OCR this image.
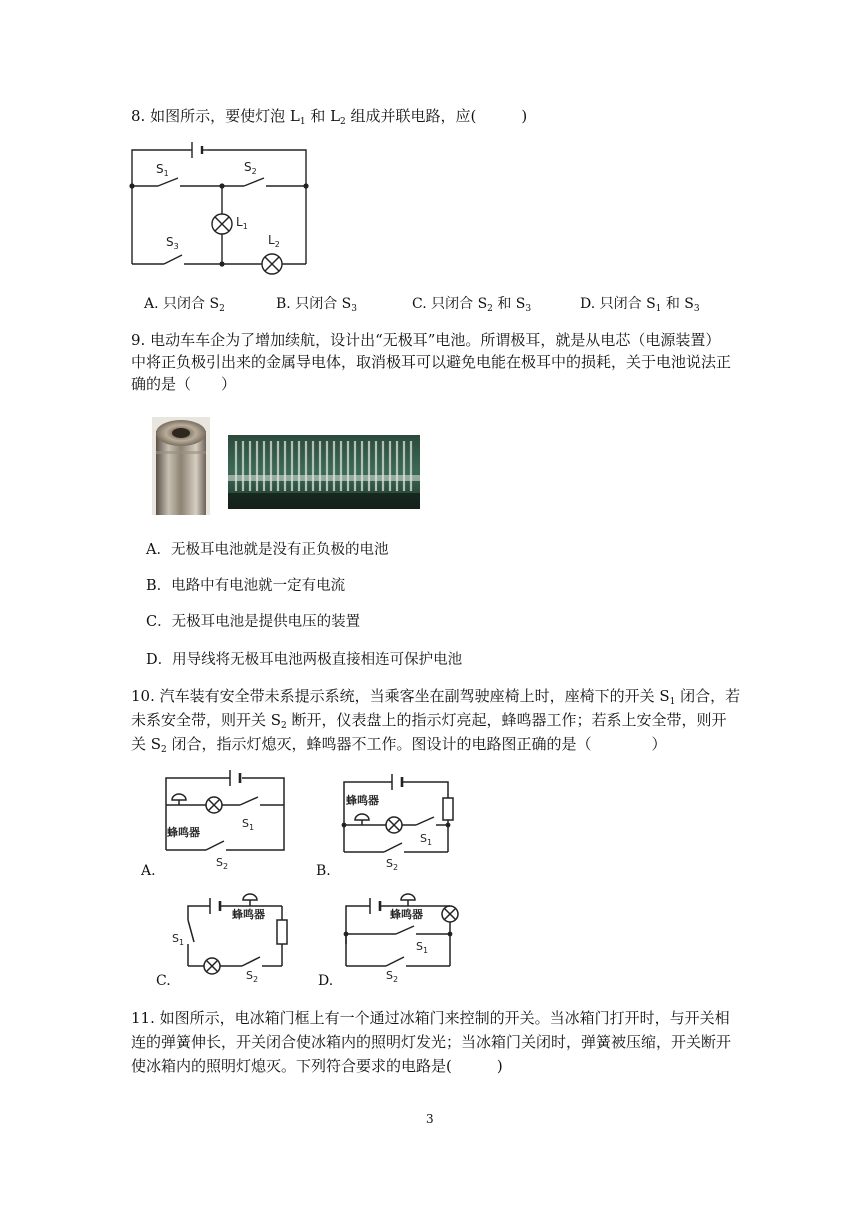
8. 如图所示，要使灯泡 $L_1$ 和 $L_2$ 组成并联电路，应(　　　)
$S_1$	$S_2$
$S_3$
$L_1$
$L_2$
A. 只闭合 $S_2$	B. 只闭合 $S_3$	C. 只闭合 $S_2$ 和 $S_3$	D. 只闭合 $S_1$ 和 $S_3$
9. 电动车车企为了增加续航，设计出“无极耳”电池。所谓极耳，就是从电芯（电源装置）
中将正负极引出来的金属导电体，取消极耳可以避免电能在极耳中的损耗，关于电池说法正
确的是（　　）
A．无极耳电池就是没有正负极的电池
B．电路中有电池就一定有电流
C．无极耳电池是提供电压的装置
D．用导线将无极耳电池两极直接相连可保护电池
10. 汽车装有安全带未系提示系统，当乘客坐在副驾驶座椅上时，座椅下的开关 $S_1$ 闭合，若
未系安全带，则开关 $S_2$ 断开，仪表盘上的指示灯亮起，蜂鸣器工作；若系上安全带，则开
关 $S_2$ 闭合，指示灯熄灭，蜂鸣器不工作。图设计的电路图正确的是（　　　　）
蜂鸣器
$S_1$
$S_2$
A.
蜂鸣器
$S_1$
$S_2$
B.
蜂鸣器
$S_1$
$S_2$
C.
蜂鸣器
$S_1$
$S_2$
D.
11. 如图所示，电冰箱门框上有一个通过冰箱门来控制的开关。当冰箱门打开时，与开关相
连的弹簧伸长，开关闭合使冰箱内的照明灯发光；当冰箱门关闭时，弹簧被压缩，开关断开
使冰箱内的照明灯熄灭。下列符合要求的电路是(　　　)
3
